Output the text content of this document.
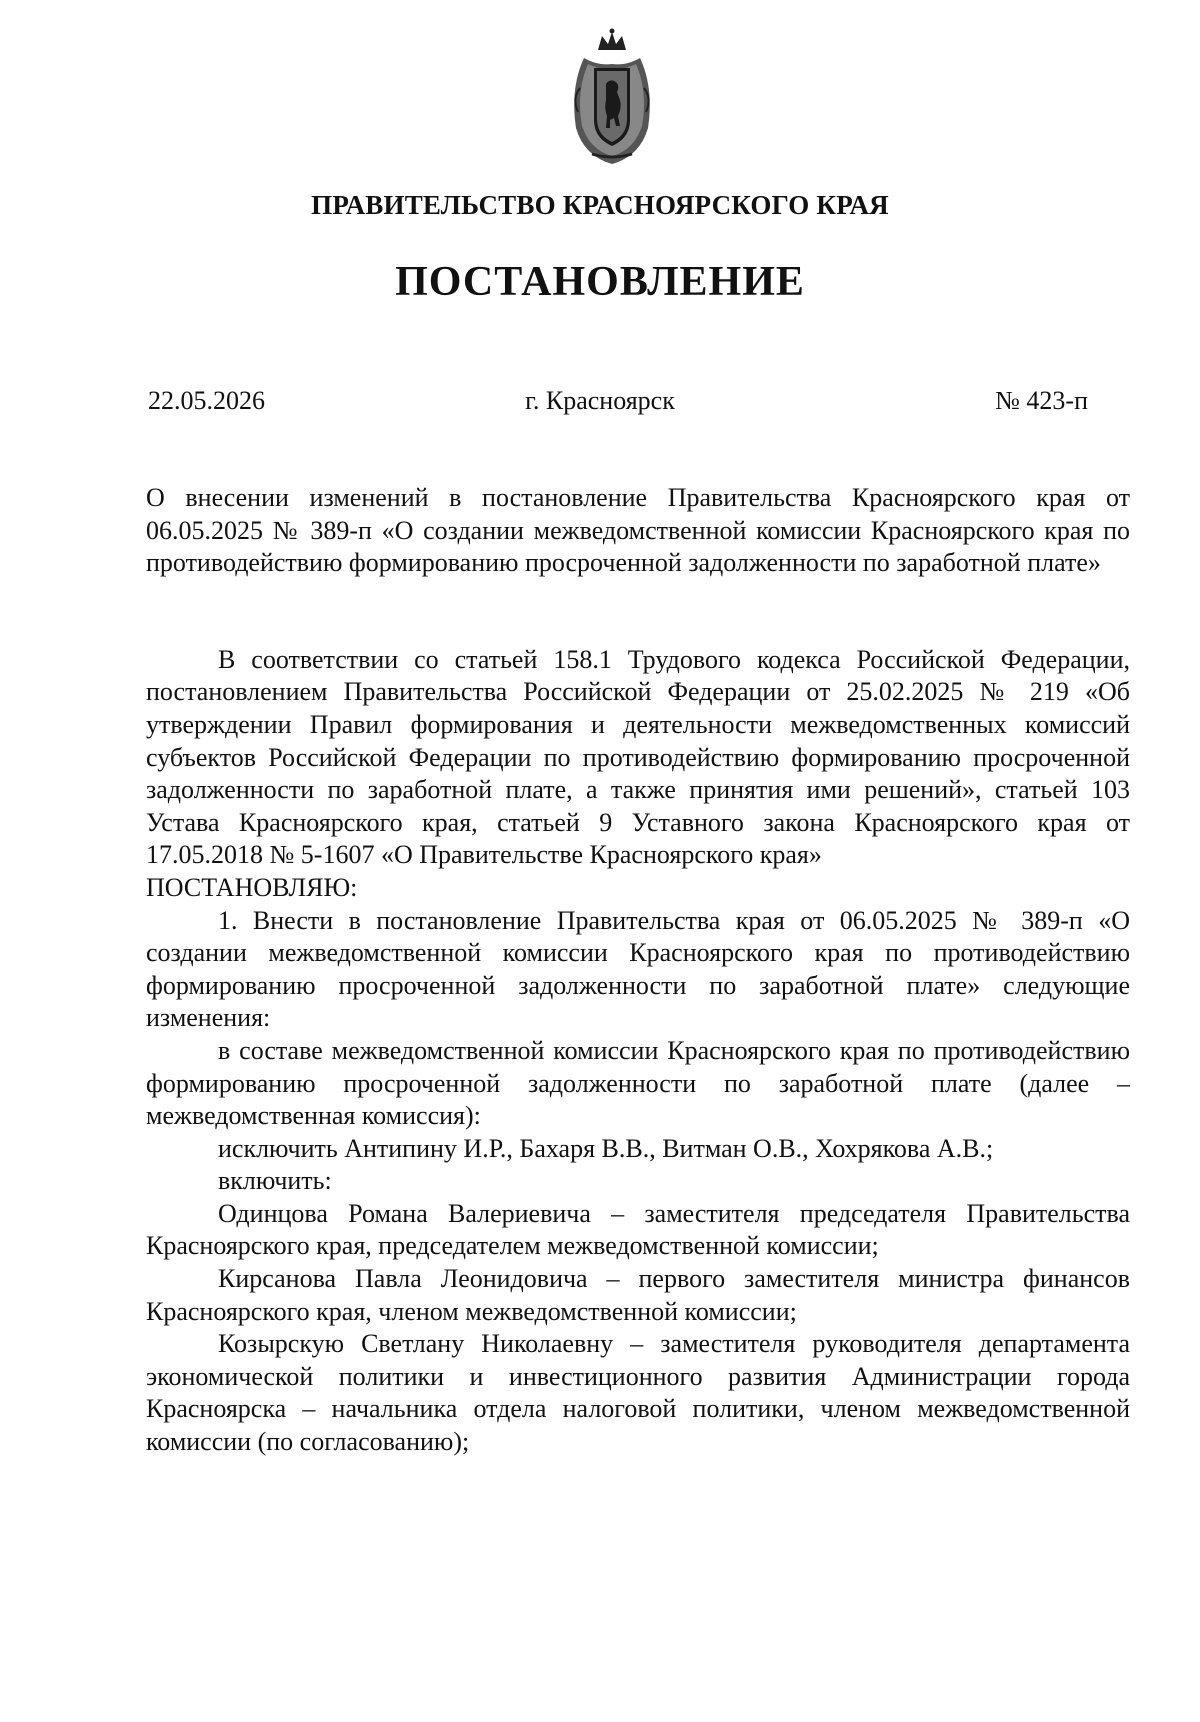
ПРАВИТЕЛЬСТВО КРАСНОЯРСКОГО КРАЯ
ПОСТАНОВЛЕНИЕ
22.05.2026	г. Красноярск	№ 423-п

О внесении изменений в постановление Правительства Красноярского края от 06.05.2025 № 389-п «О создании межведомственной комиссии Красноярского края по противодействию формированию просроченной задолженности по заработной плате»

В соответствии со статьей 158.1 Трудового кодекса Российской Федерации, постановлением Правительства Российской Федерации от 25.02.2025 № 219 «Об утверждении Правил формирования и деятельности межведомственных комиссий субъектов Российской Федерации по противодействию формированию просроченной задолженности по заработной плате, а также принятия ими решений», статьей 103 Устава Красноярского края, статьей 9 Уставного закона Красноярского края от 17.05.2018 № 5-1607 «О Правительстве Красноярского края»

ПОСТАНОВЛЯЮ:

1. Внести в постановление Правительства края от 06.05.2025 № 389-п «О создании межведомственной комиссии Красноярского края по противодействию формированию просроченной задолженности по заработной плате» следующие изменения:

в составе межведомственной комиссии Красноярского края по противодействию формированию просроченной задолженности по заработной плате (далее – межведомственная комиссия):

исключить Антипину И.Р., Бахаря В.В., Витман О.В., Хохрякова А.В.;

включить:

Одинцова Романа Валериевича – заместителя председателя Правительства Красноярского края, председателем межведомственной комиссии;

Кирсанова Павла Леонидовича – первого заместителя министра финансов Красноярского края, членом межведомственной комиссии;

Козырскую Светлану Николаевну – заместителя руководителя департамента экономической политики и инвестиционного развития Администрации города Красноярска – начальника отдела налоговой политики, членом межведомственной комиссии (по согласованию);
